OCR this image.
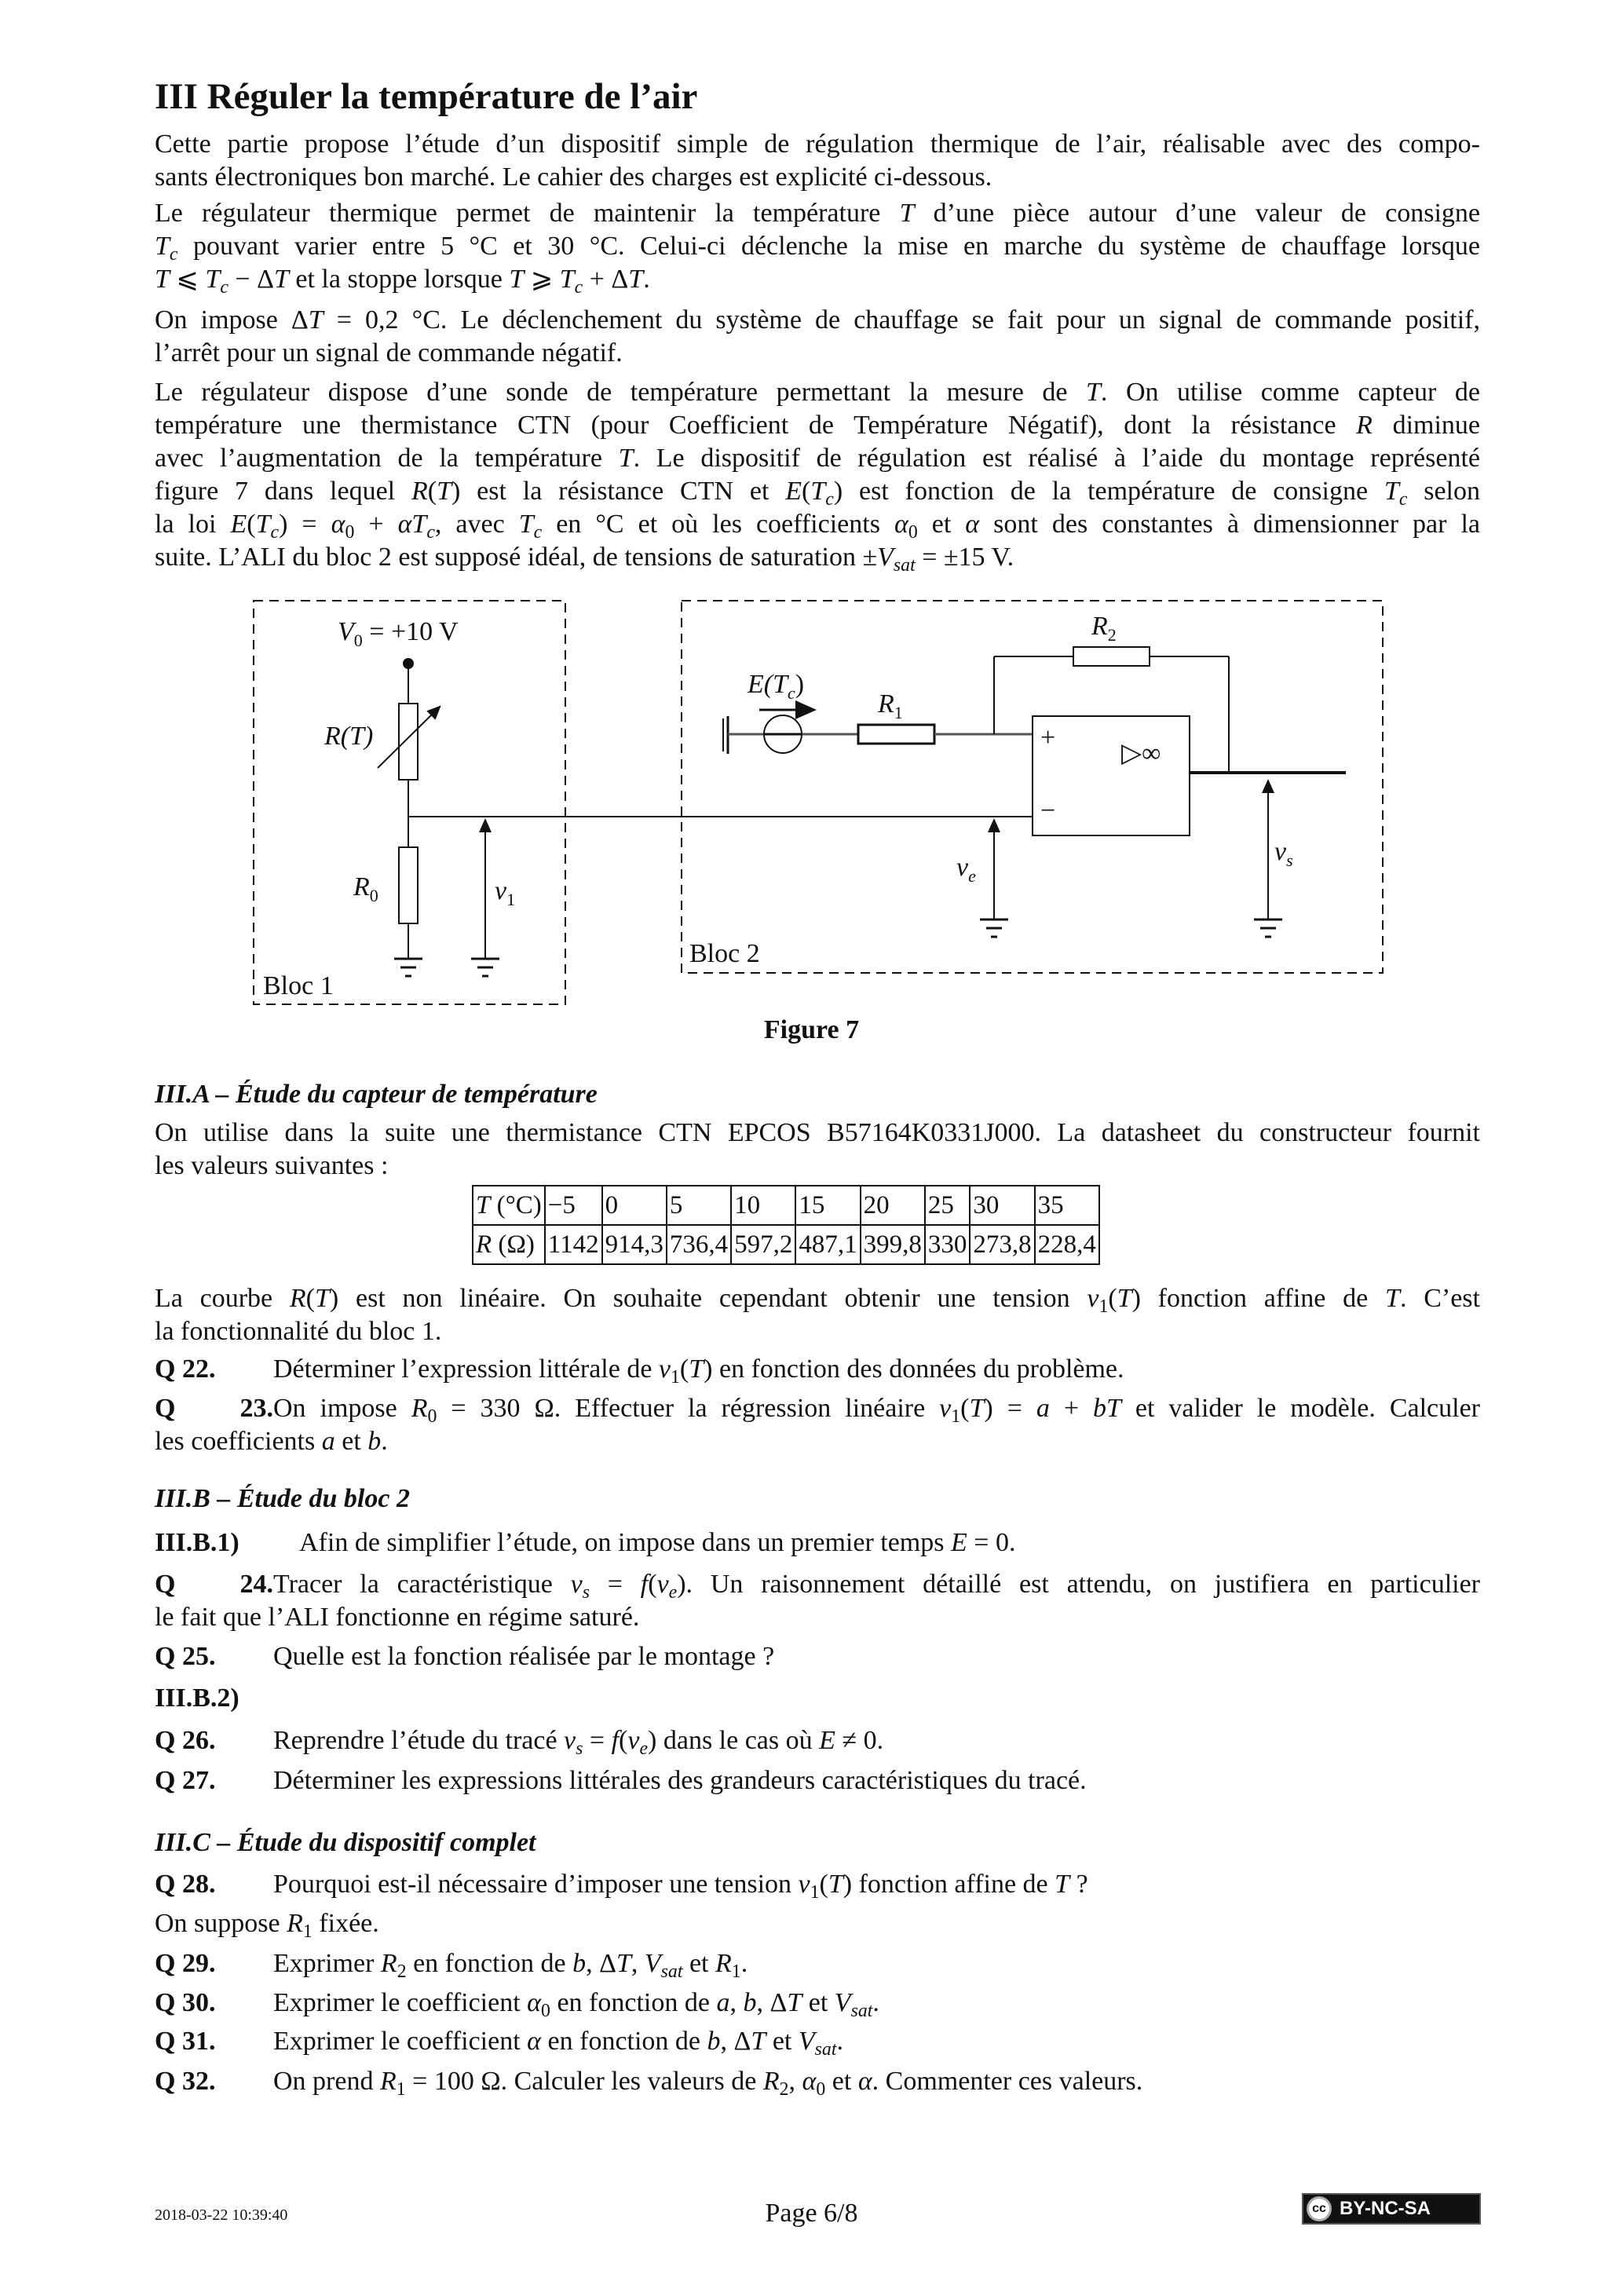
III Réguler la température de l’air
Cette partie propose l’étude d’un dispositif simple de régulation thermique de l’air, réalisable avec des compo-
sants électroniques bon marché. Le cahier des charges est explicité ci-dessous.
Le régulateur thermique permet de maintenir la température T d’une pièce autour d’une valeur de consigne
$T_c$ pouvant varier entre 5 °C et 30 °C. Celui-ci déclenche la mise en marche du système de chauffage lorsque
T ⩽ $T_c - \Delta T$ et la stoppe lorsque T ⩾ $T_c + \Delta T$.
On impose ΔT = 0,2 °C. Le déclenchement du système de chauffage se fait pour un signal de commande positif,
l’arrêt pour un signal de commande négatif.
Le régulateur dispose d’une sonde de température permettant la mesure de T. On utilise comme capteur de
température une thermistance CTN (pour Coefficient de Température Négatif), dont la résistance R diminue
avec l’augmentation de la température T. Le dispositif de régulation est réalisé à l’aide du montage représenté
figure 7 dans lequel R(T) est la résistance CTN et $E(T_c)$ est fonction de la température de consigne $T_c$ selon
la loi $E(T_c) = \alpha_0 + \alpha T_c$, avec $T_c$ en °C et où les coefficients $\alpha_0$ et α sont des constantes à dimensionner par la
suite. L’ALI du bloc 2 est supposé idéal, de tensions de saturation $\pm V_{sat} = \pm 15$ V.
$V_0 = +10$ V
R(T)
$R_0$	$v_1$
Bloc 1
Bloc 2
$E(T_c)$
$R_1$
$R_2$
+
−
▷∞
$v_e$
$v_s$
Figure 7
III.A – Étude du capteur de température
On utilise dans la suite une thermistance CTN EPCOS B57164K0331J000. La datasheet du constructeur fournit
les valeurs suivantes :
T (°C)	−5	0	5	10	15	20	25	30	35
R (Ω)	1142	914,3	736,4	597,2	487,1	399,8	330	273,8	228,4
La courbe R(T) est non linéaire. On souhaite cependant obtenir une tension $v_1(T)$ fonction affine de T. C’est
la fonctionnalité du bloc 1.
Q 22. Déterminer l’expression littérale de $v_1(T)$ en fonction des données du problème.
Q 23.On impose $R_0 = 330$ Ω. Effectuer la régression linéaire $v_1(T) = a$ + bT et valider le modèle. Calculer
les coefficients a et b.
III.B – Étude du bloc 2
III.B.1) Afin de simplifier l’étude, on impose dans un premier temps E = 0.
Q 24.Tracer la caractéristique $v_s = f(v_e)$. Un raisonnement détaillé est attendu, on justifiera en particulier
le fait que l’ALI fonctionne en régime saturé.
Q 25. Quelle est la fonction réalisée par le montage ?
III.B.2)
Q 26. Reprendre l’étude du tracé $v_s = f(v_e)$ dans le cas où E ≠ 0.
Q 27. Déterminer les expressions littérales des grandeurs caractéristiques du tracé.
III.C – Étude du dispositif complet
Q 28. Pourquoi est-il nécessaire d’imposer une tension $v_1(T)$ fonction affine de T ?
On suppose $R_1$ fixée.
Q 29. Exprimer $R_2$ en fonction de b, ΔT, $V_{sat}$ et $R_1$.
Q 30. Exprimer le coefficient $\alpha_0$ en fonction de a, b, ΔT et $V_{sat}$.
Q 31. Exprimer le coefficient α en fonction de b, ΔT et $V_{sat}$.
Q 32. On prend $R_1 = 100$ Ω. Calculer les valeurs de $R_2$, $\alpha_0$ et α. Commenter ces valeurs.
2018-03-22 10:39:40	Page 6/8	cc BY-NC-SA
